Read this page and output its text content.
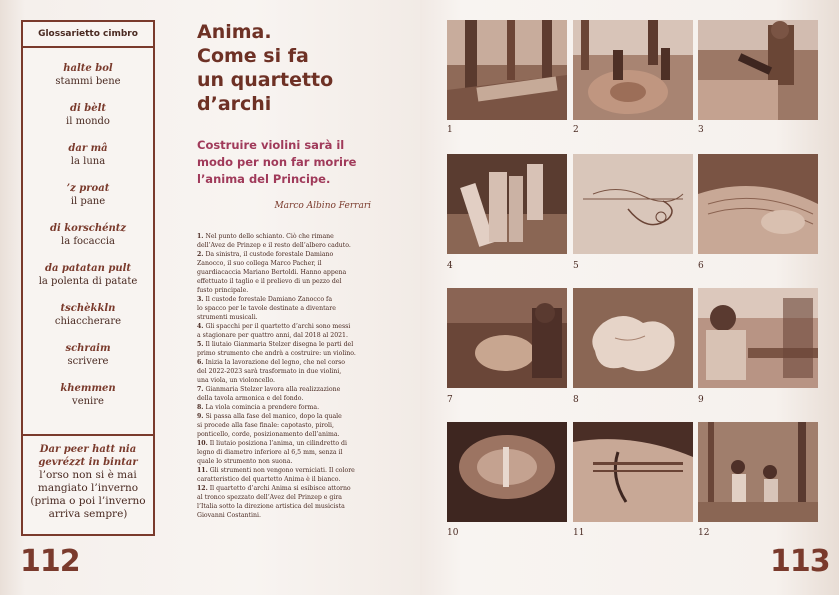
Glossarietto cimbro
halte bol
stammi bene
di bèlt
il mondo
dar mâ
la luna
’z proat
il pane
di korschéntz
la focaccia
da patatan pult
la polenta di patate
tschèkkln
chiaccherare
schraim
scrivere
khemmen
venire
Dar peer hatt nia
gevrézzt in bintar
l’orso non si è mai
mangiato l’inverno
(prima o poi l’inverno
arriva sempre)
112
Anima.
Come si fa
un quartetto
d’archi
Costruire violini sarà il
modo per non far morire
l’anima del Principe.
Marco Albino Ferrari
1. Nel punto dello schianto. Ciò che rimane
dell’Avez de Prinzep e il resto dell’albero caduto.
2. Da sinistra, il custode forestale Damiano
Zanocco, il suo collega Marco Pacher, il
guardiacaccia Mariano Bertoldi. Hanno appena
effettuato il taglio e il prelievo di un pezzo del
fusto principale.
3. Il custode forestale Damiano Zanocco fa
lo spacco per le tavole destinate a diventare
strumenti musicali.
4. Gli spacchi per il quartetto d’archi sono messi
a stagionare per quattro anni, dal 2018 al 2021.
5. Il liutaio Gianmaria Stelzer disegna le parti del
primo strumento che andrà a costruire: un violino.
6. Inizia la lavorazione del legno, che nel corso
del 2022-2023 sarà trasformato in due violini,
una viola, un violoncello.
7. Gianmaria Stelzer lavora alla realizzazione
della tavola armonica e del fondo.
8. La viola comincia a prendere forma.
9. Si passa alla fase del manico, dopo la quale
si procede alla fase finale: capotasto, piroli,
ponticello, corde, posizionamento dell’anima.
10. Il liutaio posiziona l’anima, un cilindretto di
legno di diametro inferiore al 6,5 mm, senza il
quale lo strumento non suona.
11. Gli strumenti non vengono verniciati. Il colore
caratteristico del quartetto Anima è il bianco.
12. Il quartetto d’archi Anima si esibisce attorno
al tronco spezzato dell’Avez del Prinzep e gira
l’Italia sotto la direzione artistica del musicista
Giovanni Costantini.
113
1	2	3
4	5	6
7	8	9
10	11	12
